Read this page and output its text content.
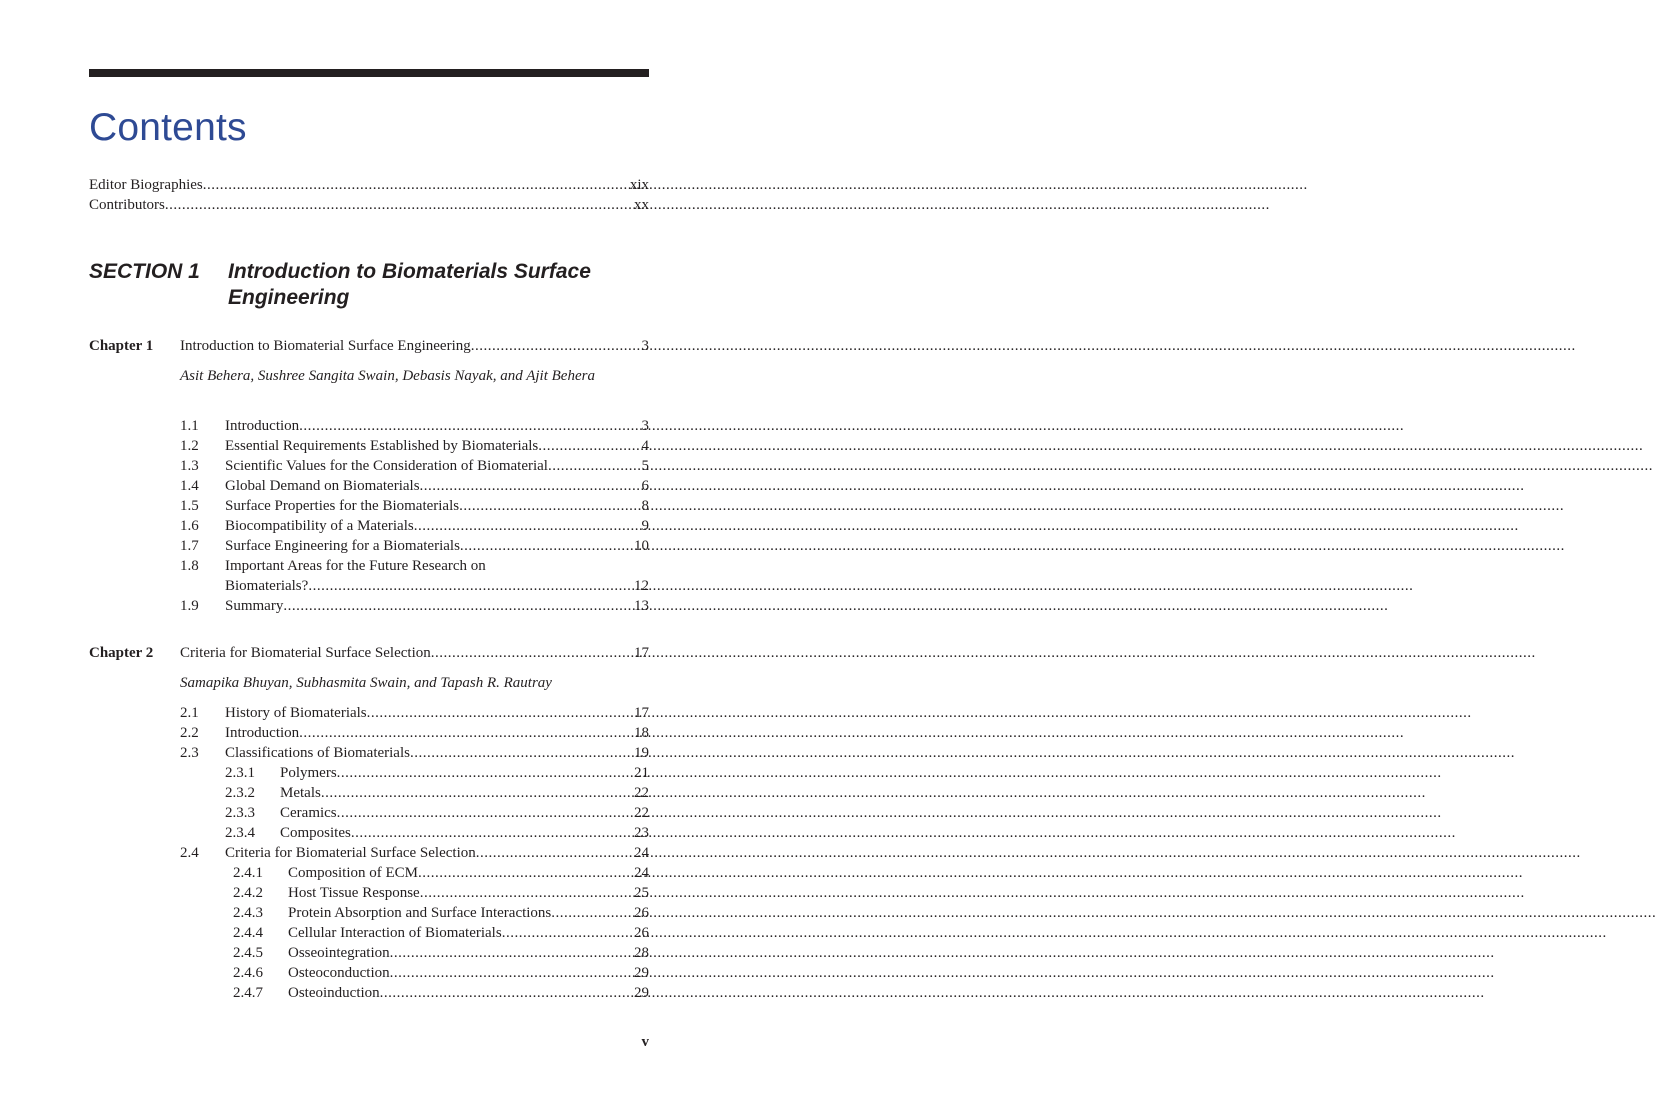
Contents
Editor Biographies .....	xix
Contributors .....	xx
SECTION 1 Introduction to Biomaterials Surface Engineering
Chapter 1 Introduction to Biomaterial Surface Engineering .....	3
Asit Behera, Sushree Sangita Swain, Debasis Nayak, and Ajit Behera
1.1 Introduction .....	3
1.2 Essential Requirements Established by Biomaterials .....	4
1.3 Scientific Values for the Consideration of Biomaterial .....	5
1.4 Global Demand on Biomaterials .....	6
1.5 Surface Properties for the Biomaterials .....	8
1.6 Biocompatibility of a Materials .....	9
1.7 Surface Engineering for a Biomaterials .....	10
1.8 Important Areas for the Future Research on
Biomaterials? .....	12
1.9 Summary .....	13
Chapter 2 Criteria for Biomaterial Surface Selection .....	17
Samapika Bhuyan, Subhasmita Swain, and Tapash R. Rautray
2.1 History of Biomaterials .....	17
2.2 Introduction .....	18
2.3 Classifications of Biomaterials .....	19
2.3.1 Polymers .....	21
2.3.2 Metals .....	22
2.3.3 Ceramics .....	22
2.3.4 Composites .....	23
2.4 Criteria for Biomaterial Surface Selection .....	24
2.4.1 Composition of ECM .....	24
2.4.2 Host Tissue Response .....	25
2.4.3 Protein Absorption and Surface Interactions .....	26
2.4.4 Cellular Interaction of Biomaterials .....	26
2.4.5 Osseointegration .....	28
2.4.6 Osteoconduction .....	29
2.4.7 Osteoinduction .....	29
v
